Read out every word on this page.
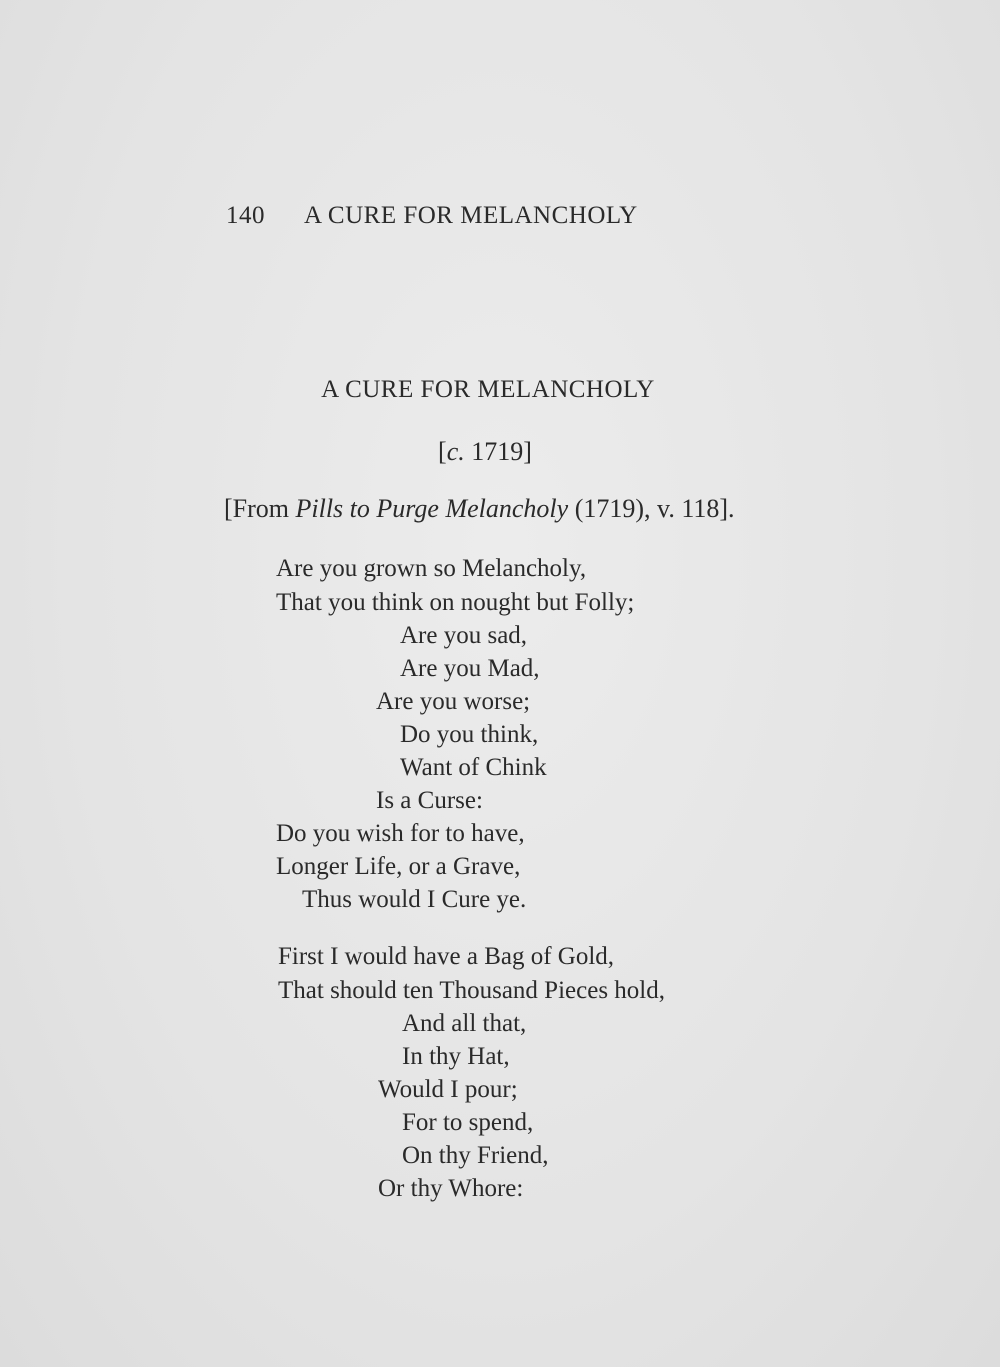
140 A CURE FOR MELANCHOLY
A CURE FOR MELANCHOLY
[c. 1719]
[From Pills to Purge Melancholy (1719), v. 118].
Are you grown so Melancholy,
That you think on nought but Folly;
Are you sad,
Are you Mad,
Are you worse;
Do you think,
Want of Chink
Is a Curse:
Do you wish for to have,
Longer Life, or a Grave,
Thus would I Cure ye.
First I would have a Bag of Gold,
That should ten Thousand Pieces hold,
And all that,
In thy Hat,
Would I pour;
For to spend,
On thy Friend,
Or thy Whore:
